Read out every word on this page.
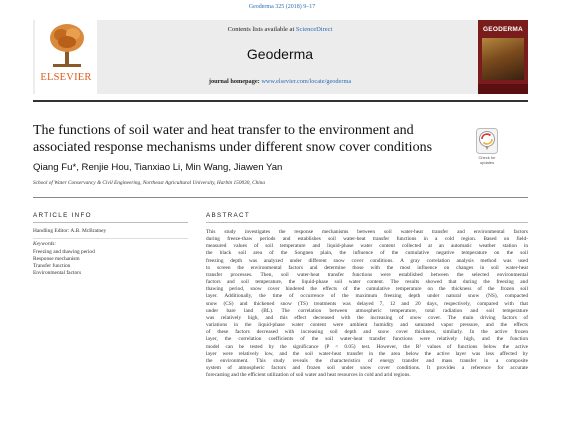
Geoderma 325 (2018) 9–17
ELSEVIER
Contents lists available at ScienceDirect
Geoderma
journal homepage: www.elsevier.com/locate/geoderma
GEODERMA
The functions of soil water and heat transfer to the environment and
associated response mechanisms under different snow cover conditions
Check for
updates
Qiang Fu*, Renjie Hou, Tianxiao Li, Min Wang, Jiawen Yan
School of Water Conservancy & Civil Engineering, Northeast Agricultural University, Harbin 150030, China
ARTICLE INFO
Handling Editor: A.B. McBratney
Keywords:
Freezing and thawing period
Response mechanism
Transfer function
Environmental factors
ABSTRACT
This study investigates the response mechanisms between soil water-heat transfer and environmental factors
during freeze-thaw periods and establishes soil water-heat transfer functions in a cold region. Based on field-
measured values of soil temperature and liquid-phase water content collected at an automatic weather station in
the black soil area of the Songnen plain, the influence of the cumulative negative temperature on the soil
freezing depth was analyzed under different snow cover conditions. A gray correlation analysis method was used
to screen the environmental factors and determine those with the most influence on changes in soil water-heat
transfer processes. Then, soil water-heat transfer functions were established between the selected environmental
factors and soil temperature, the liquid-phase soil water content. The results showed that during the freezing and
thawing period, snow cover hindered the effects of the cumulative temperature on the thickness of the frozen soil
layer. Additionally, the time of occurrence of the maximum freezing depth under natural snow (NS), compacted
snow (CS) and thickened snow (TS) treatments was delayed 7, 12 and 20 days, respectively, compared with that
under bare land (BL). The correlation between atmospheric temperature, total radiation and soil temperature
was relatively high, and this effect decreased with the increasing of snow cover. The main driving factors of
variations in the liquid-phase water content were ambient humidity and saturated vapor pressure, and the effects
of these factors decreased with increasing soil depth and snow cover thickness, similarly. In the active frozen
layer, the correlation coefficients of the soil water-heat transfer functions were relatively high, and the function
model can be tested by the significance (P < 0.05) test. However, the R² values of functions below the active
layer were relatively low, and the soil water-heat transfer in the area below the active layer was less affected by
the environment. This study reveals the characteristics of energy transfer and mass transfer in a composite
system of atmospheric factors and frozen soil under snow cover conditions. It provides a reference for accurate
forecasting and the efficient utilization of soil water and heat resources in cold and arid regions.
